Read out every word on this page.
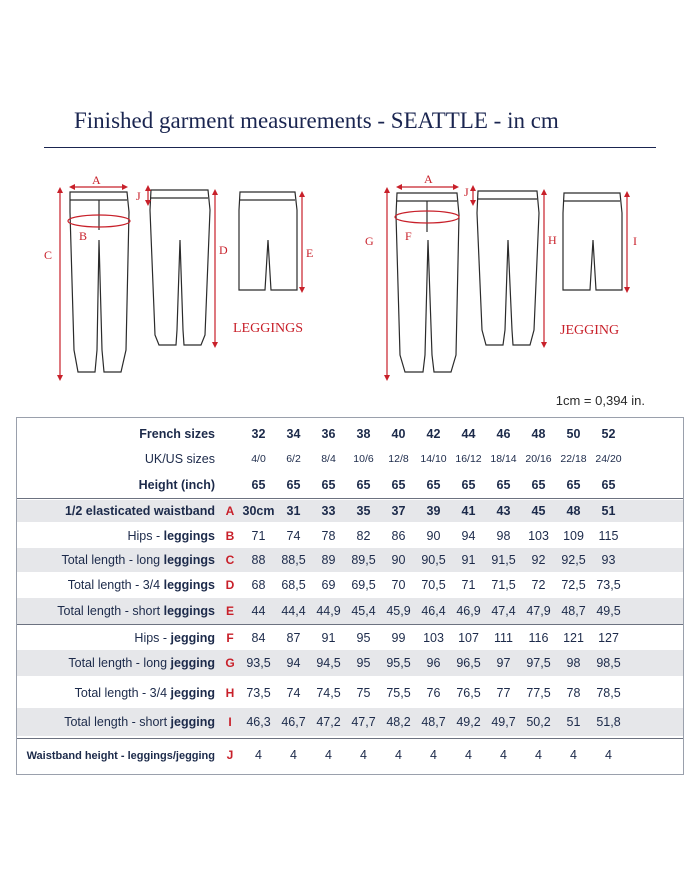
Finished garment measurements - SEATTLE - in cm
A
B
C	D	E
J
LEGGINGS
A
F
G	H	I
J
JEGGING
1cm = 0,394 in.
French sizes	32	34	36	38	40	42	44	46	48	50	52
UK/US sizes	4/0	6/2	8/4	10/6	12/8	14/10 16/12 18/14 20/16 22/18 24/20
Height (inch)	65	65	65	65	65	65	65	65	65	65	65
1/2 elasticated waistband A 30cm 31	33	35	37	39	41	43	45	48	51
Hips - leggings B	71	74	78	82	86	90	94	98	103	109	115
Total length - long leggings C	88	88,5	89	89,5	90	90,5	91	91,5	92	92,5	93
Total length - 3/4 leggings D	68	68,5	69	69,5	70	70,5	71	71,5	72	72,5 73,5
Total length - short leggings E	44	44,4 44,9 45,4 45,9 46,4 46,9 47,4 47,9 48,7 49,5
Hips - jegging F	84	87	91	95	99	103	107	111	116	121	127
Total length - long jegging G 93,5	94	94,5	95	95,5	96	96,5	97	97,5	98	98,5
Total length - 3/4 jegging H 73,5	74	74,5	75	75,5	76	76,5	77	77,5	78	78,5
Total length - short jegging	I	46,3 46,7 47,2 47,7 48,2 48,7 49,2 49,7 50,2	51	51,8
Waistband height - leggings/jegging J	4	4	4	4	4	4	4	4	4	4	4
